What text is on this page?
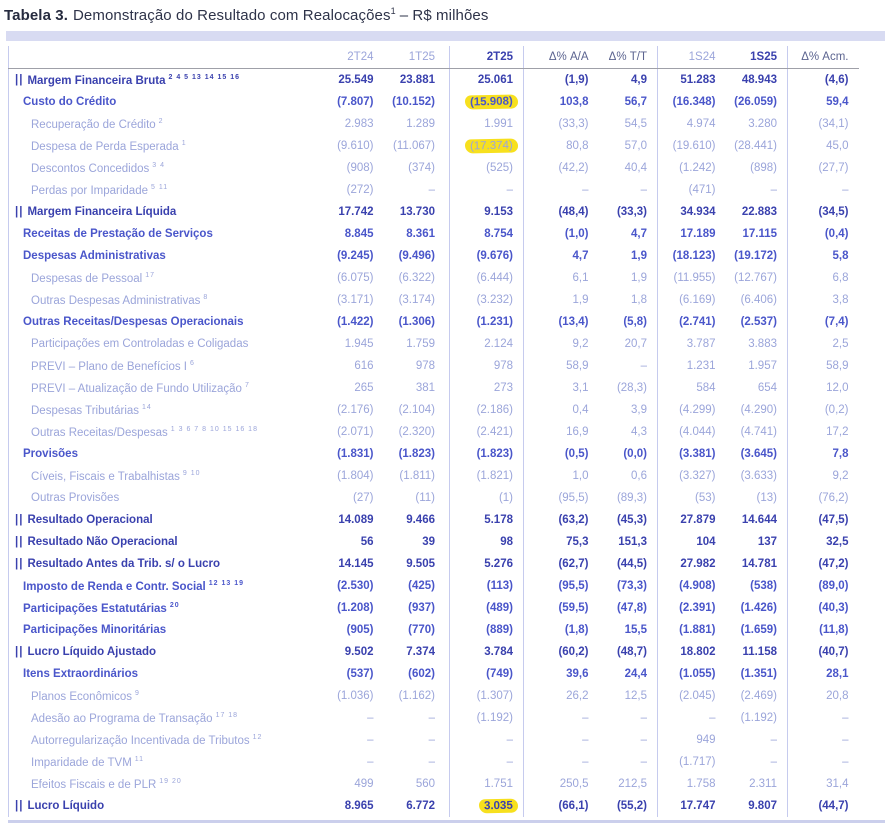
Tabela 3. Demonstração do Resultado com Realocações$^1$ – R$ milhões
	2T24	1T25	2T25	Δ% A/A	Δ% T/T	1S24	1S25	Δ% Acm.
|| Margem Financeira Bruta $^{2 4 5 13 14 15 16}$	25.549	23.881	25.061	(1,9)	4,9	51.283	48.943	(4,6)
Custo do Crédito	(7.807)	(10.152)	(15.908)	103,8	56,7	(16.348)	(26.059)	59,4
Recuperação de Crédito $^2$	2.983	1.289	1.991	(33,3)	54,5	4.974	3.280	(34,1)
Despesa de Perda Esperada $^1$	(9.610)	(11.067)	(17.374)	80,8	57,0	(19.610)	(28.441)	45,0
Descontos Concedidos $^{3 4}$	(908)	(374)	(525)	(42,2)	40,4	(1.242)	(898)	(27,7)
Perdas por Imparidade $^{5 11}$	(272)	–	–	–	–	(471)	–	–
|| Margem Financeira Líquida	17.742	13.730	9.153	(48,4)	(33,3)	34.934	22.883	(34,5)
Receitas de Prestação de Serviços	8.845	8.361	8.754	(1,0)	4,7	17.189	17.115	(0,4)
Despesas Administrativas	(9.245)	(9.496)	(9.676)	4,7	1,9	(18.123)	(19.172)	5,8
Despesas de Pessoal $^{17}$	(6.075)	(6.322)	(6.444)	6,1	1,9	(11.955)	(12.767)	6,8
Outras Despesas Administrativas $^8$	(3.171)	(3.174)	(3.232)	1,9	1,8	(6.169)	(6.406)	3,8
Outras Receitas/Despesas Operacionais	(1.422)	(1.306)	(1.231)	(13,4)	(5,8)	(2.741)	(2.537)	(7,4)
Participações em Controladas e Coligadas	1.945	1.759	2.124	9,2	20,7	3.787	3.883	2,5
PREVI – Plano de Benefícios I $^6$	616	978	978	58,9	–	1.231	1.957	58,9
PREVI – Atualização de Fundo Utilização $^7$	265	381	273	3,1	(28,3)	584	654	12,0
Despesas Tributárias $^{14}$	(2.176)	(2.104)	(2.186)	0,4	3,9	(4.299)	(4.290)	(0,2)
Outras Receitas/Despesas $^{1 3 6 7 8 10 15 16 18}$	(2.071)	(2.320)	(2.421)	16,9	4,3	(4.044)	(4.741)	17,2
Provisões	(1.831)	(1.823)	(1.823)	(0,5)	(0,0)	(3.381)	(3.645)	7,8
Cíveis, Fiscais e Trabalhistas $^{9 10}$	(1.804)	(1.811)	(1.821)	1,0	0,6	(3.327)	(3.633)	9,2
Outras Provisões	(27)	(11)	(1)	(95,5)	(89,3)	(53)	(13)	(76,2)
|| Resultado Operacional	14.089	9.466	5.178	(63,2)	(45,3)	27.879	14.644	(47,5)
|| Resultado Não Operacional	56	39	98	75,3	151,3	104	137	32,5
|| Resultado Antes da Trib. s/ o Lucro	14.145	9.505	5.276	(62,7)	(44,5)	27.982	14.781	(47,2)
Imposto de Renda e Contr. Social $^{12 13 19}$	(2.530)	(425)	(113)	(95,5)	(73,3)	(4.908)	(538)	(89,0)
Participações Estatutárias $^{20}$	(1.208)	(937)	(489)	(59,5)	(47,8)	(2.391)	(1.426)	(40,3)
Participações Minoritárias	(905)	(770)	(889)	(1,8)	15,5	(1.881)	(1.659)	(11,8)
|| Lucro Líquido Ajustado	9.502	7.374	3.784	(60,2)	(48,7)	18.802	11.158	(40,7)
Itens Extraordinários	(537)	(602)	(749)	39,6	24,4	(1.055)	(1.351)	28,1
Planos Econômicos $^9$	(1.036)	(1.162)	(1.307)	26,2	12,5	(2.045)	(2.469)	20,8
Adesão ao Programa de Transação $^{17 18}$	–	–	(1.192)	–	–	–	(1.192)	–
Autorregularização Incentivada de Tributos $^{12}$	–	–	–	–	–	949	–	–
Imparidade de TVM $^{11}$	–	–	–	–	–	(1.717)	–	–
Efeitos Fiscais e de PLR $^{19 20}$	499	560	1.751	250,5	212,5	1.758	2.311	31,4
|| Lucro Líquido	8.965	6.772	3.035	(66,1)	(55,2)	17.747	9.807	(44,7)
